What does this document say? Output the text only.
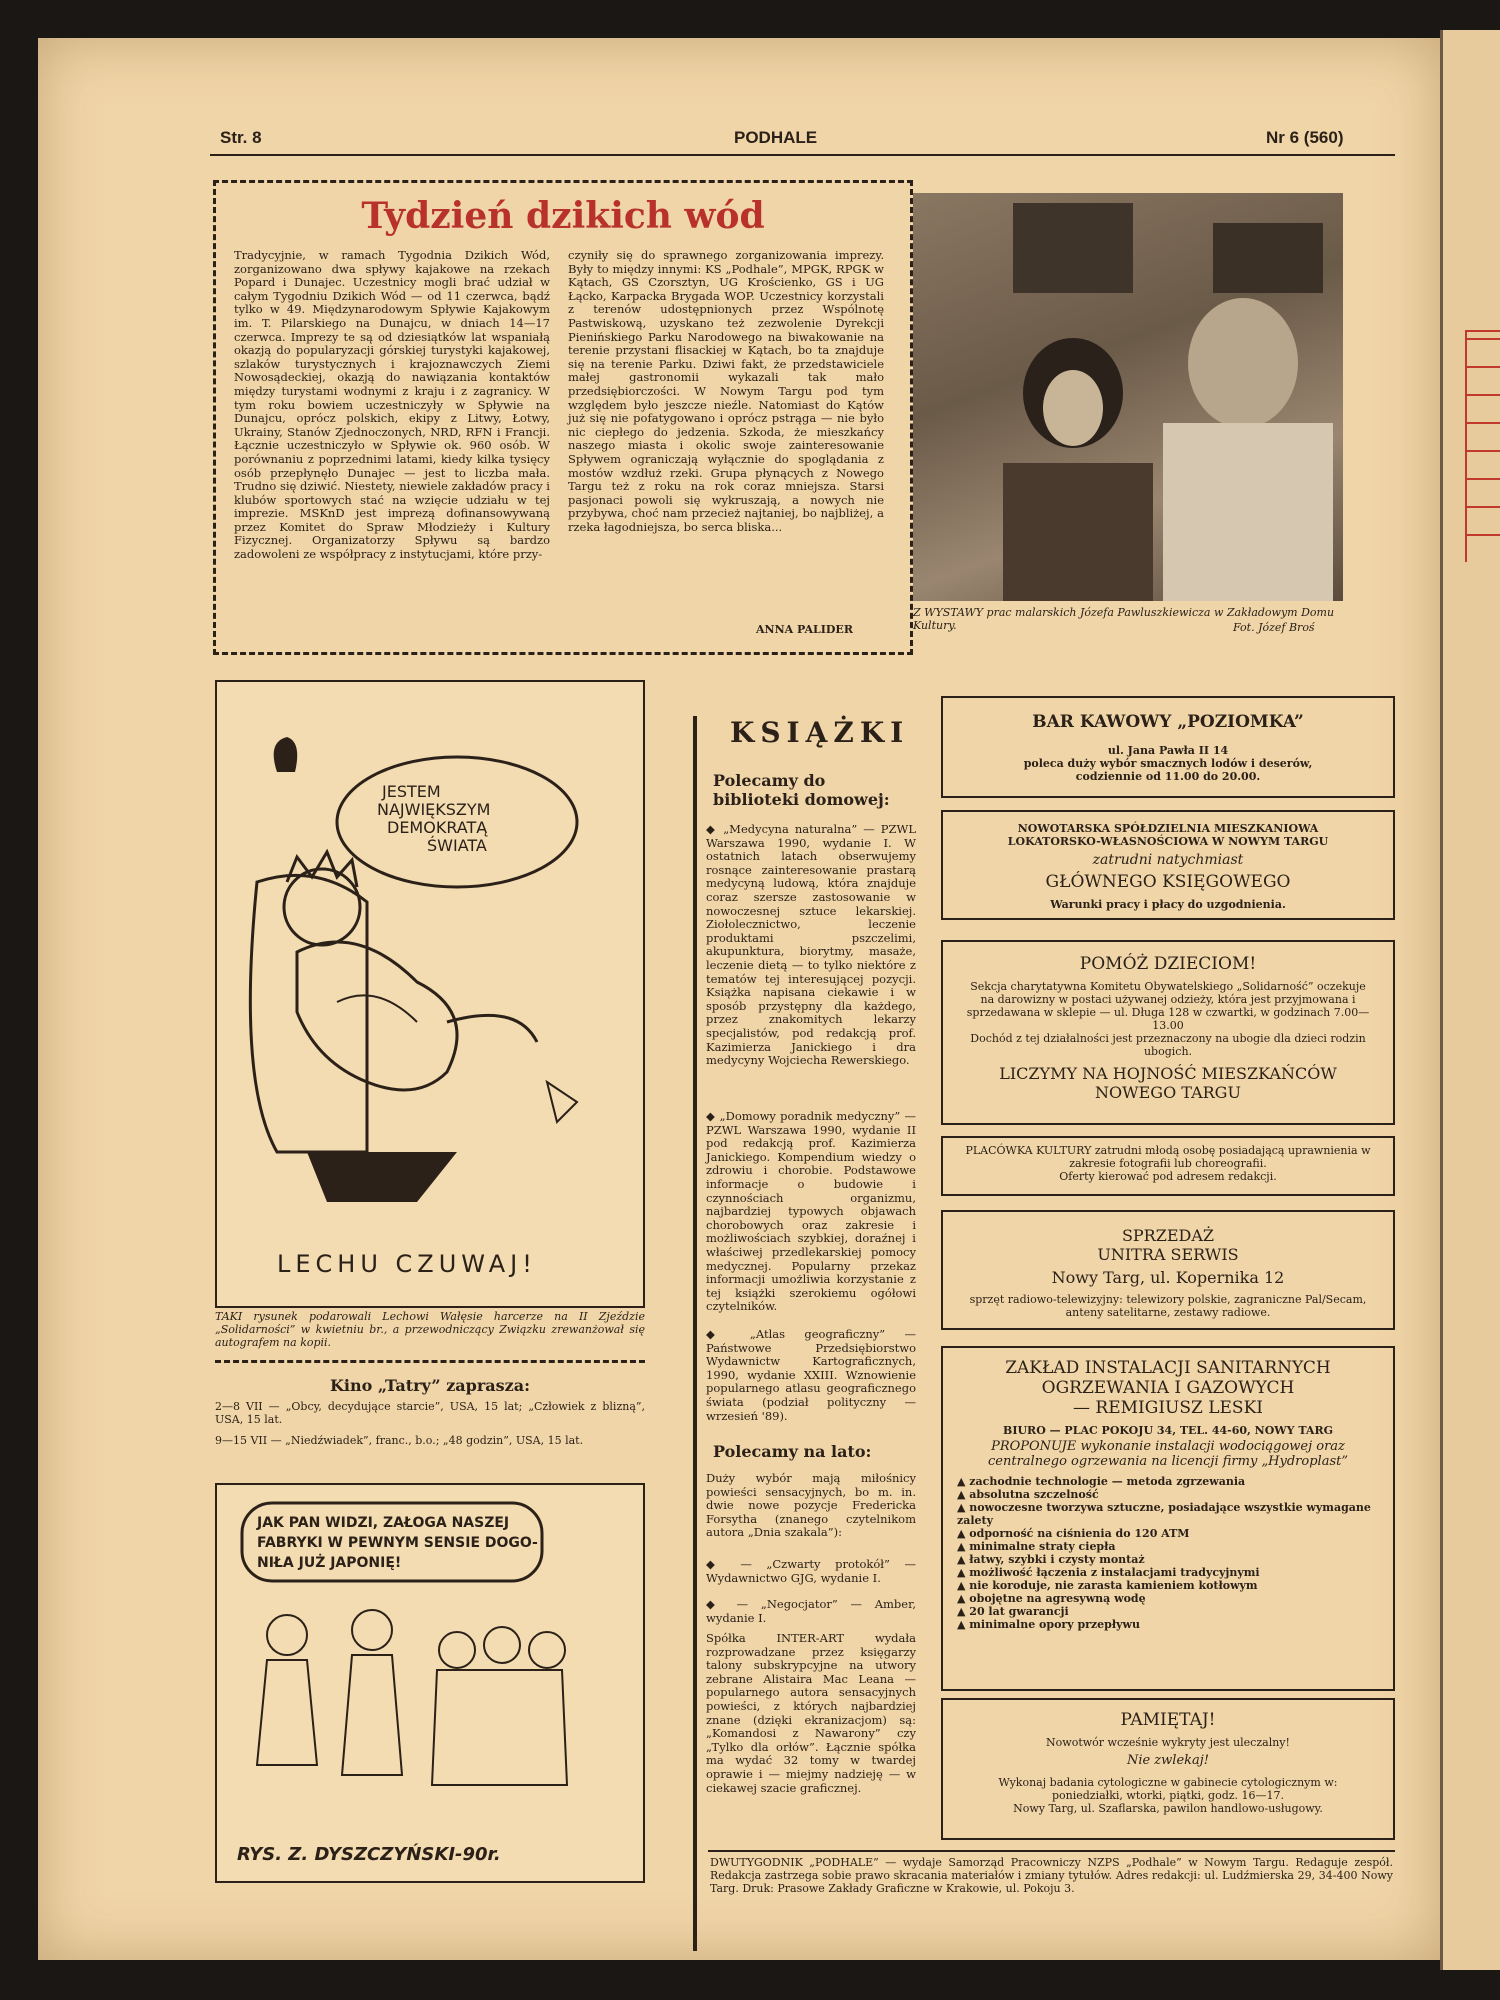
Str. 8	PODHALE	Nr 6 (560)
Tydzień dzikich wód
Tradycyjnie, w ramach Tygodnia Dzikich Wód, zorganizowano dwa spływy kajakowe na rzekach Popard i Dunajec. Uczestnicy mogli brać udział w całym Tygodniu Dzikich Wód — od 11 czerwca, bądź tylko w 49. Międzynarodowym Spływie Kajakowym im. T. Pilarskiego na Dunajcu, w dniach 14—17 czerwca. Imprezy te są od dziesiątków lat wspaniałą okazją do popularyzacji górskiej turystyki kajakowej, szlaków turystycznych i krajoznawczych Ziemi Nowosądeckiej, okazją do nawiązania kontaktów między turystami wodnymi z kraju i z zagranicy. W tym roku bowiem uczestniczyły w Spływie na Dunajcu, oprócz polskich, ekipy z Litwy, Łotwy, Ukrainy, Stanów Zjednoczonych, NRD, RFN i Francji. Łącznie uczestniczyło w Spływie ok. 960 osób. W porównaniu z poprzednimi latami, kiedy kilka tysięcy osób przepłynęło Dunajec — jest to liczba mała. Trudno się dziwić. Niestety, niewiele zakładów pracy i klubów sportowych stać na wzięcie udziału w tej imprezie. MSKnD jest imprezą dofinansowywaną przez Komitet do Spraw Młodzieży i Kultury Fizycznej. Organizatorzy Spływu są bardzo zadowoleni ze współpracy z instytucjami, które przy-
czyniły się do sprawnego zorganizowania imprezy. Były to między innymi: KS „Podhale”, MPGK, RPGK w Kątach, GS Czorsztyn, UG Krościenko, GS i UG Łącko, Karpacka Brygada WOP. Uczestnicy korzystali z terenów udostępnionych przez Wspólnotę Pastwiskową, uzyskano też zezwolenie Dyrekcji Pienińskiego Parku Narodowego na biwakowanie na terenie przystani flisackiej w Kątach, bo ta znajduje się na terenie Parku. Dziwi fakt, że przedstawiciele małej gastronomii wykazali tak mało przedsiębiorczości. W Nowym Targu pod tym względem było jeszcze nieźle. Natomiast do Kątów już się nie pofatygowano i oprócz pstrąga — nie było nic ciepłego do jedzenia. Szkoda, że mieszkańcy naszego miasta i okolic swoje zainteresowanie Spływem ograniczają wyłącznie do spoglądania z mostów wzdłuż rzeki. Grupa płynących z Nowego Targu też z roku na rok coraz mniejsza. Starsi pasjonaci powoli się wykruszają, a nowych nie przybywa, choć nam przecież najtaniej, bo najbliżej, a rzeka łagodniejsza, bo serca bliska...
ANNA PALIDER
Z WYSTAWY prac malarskich Józefa Pawluszkiewicza w Zakładowym Domu Kultury.	Fot. Józef Broś
JESTEM
NAJWIĘKSZYM
DEMOKRATĄ
ŚWIATA
LECHU CZUWAJ!
TAKI rysunek podarowali Lechowi Wałęsie harcerze na II Zjeździe „Solidarności” w kwietniu br., a przewodniczący Związku zrewanżował się autografem na kopii.
Kino „Tatry” zaprasza:
2—8 VII — „Obcy, decydujące starcie”, USA, 15 lat; „Człowiek z blizną”, USA, 15 lat.
9—15 VII — „Niedźwiadek”, franc., b.o.; „48 godzin”, USA, 15 lat.
JAK PAN WIDZI, ZAŁOGA NASZEJ
FABRYKI W PEWNYM SENSIE DOGO-
NIŁA JUŻ JAPONIĘ!
RYS. Z. DYSZCZYŃSKI-90r.
KSIĄŻKI
Polecamy do biblioteki domowej:
◆ „Medycyna naturalna” — PZWL Warszawa 1990, wydanie I. W ostatnich latach obserwujemy rosnące zainteresowanie prastarą medycyną ludową, która znajduje coraz szersze zastosowanie w nowoczesnej sztuce lekarskiej. Ziołolecznictwo, leczenie produktami pszczelimi, akupunktura, biorytmy, masaże, leczenie dietą — to tylko niektóre z tematów tej interesującej pozycji. Książka napisana ciekawie i w sposób przystępny dla każdego, przez znakomitych lekarzy specjalistów, pod redakcją prof. Kazimierza Janickiego i dra medycyny Wojciecha Rewerskiego.
◆ „Domowy poradnik medyczny” — PZWL Warszawa 1990, wydanie II pod redakcją prof. Kazimierza Janickiego. Kompendium wiedzy o zdrowiu i chorobie. Podstawowe informacje o budowie i czynnościach organizmu, najbardziej typowych objawach chorobowych oraz zakresie i możliwościach szybkiej, doraźnej i właściwej przedlekarskiej pomocy medycznej. Popularny przekaz informacji umożliwia korzystanie z tej książki szerokiemu ogółowi czytelników.
◆ „Atlas geograficzny” — Państwowe Przedsiębiorstwo Wydawnictw Kartograficznych, 1990, wydanie XXIII. Wznowienie popularnego atlasu geograficznego świata (podział polityczny — wrzesień '89).
Polecamy na lato:
Duży wybór mają miłośnicy powieści sensacyjnych, bo m. in. dwie nowe pozycje Fredericka Forsytha (znanego czytelnikom autora „Dnia szakala”):
◆ — „Czwarty protokół” — Wydawnictwo GJG, wydanie I.
◆ — „Negocjator” — Amber, wydanie I.
Spółka INTER-ART wydała rozprowadzane przez księgarzy talony subskrypcyjne na utwory zebrane Alistaira Mac Leana — popularnego autora sensacyjnych powieści, z których najbardziej znane (dzięki ekranizacjom) są: „Komandosi z Nawarony” czy „Tylko dla orłów”. Łącznie spółka ma wydać 32 tomy w twardej oprawie i — miejmy nadzieję — w ciekawej szacie graficznej.
BAR KAWOWY „POZIOMKA”
ul. Jana Pawła II 14
poleca duży wybór smacznych lodów i deserów,
codziennie od 11.00 do 20.00.
NOWOTARSKA SPÓŁDZIELNIA MIESZKANIOWA
LOKATORSKO-WŁASNOŚCIOWA W NOWYM TARGU
zatrudni natychmiast
GŁÓWNEGO KSIĘGOWEGO
Warunki pracy i płacy do uzgodnienia.
POMÓŻ DZIECIOM!
Sekcja charytatywna Komitetu Obywatelskiego „Solidarność” oczekuje na darowizny w postaci używanej odzieży, która jest przyjmowana i sprzedawana w sklepie — ul. Długa 128 w czwartki, w godzinach 7.00—13.00
Dochód z tej działalności jest przeznaczony na ubogie dla dzieci rodzin ubogich.
LICZYMY NA HOJNOŚĆ MIESZKAŃCÓW NOWEGO TARGU
PLACÓWKA KULTURY zatrudni młodą osobę posiadającą uprawnienia w zakresie fotografii lub choreografii.
Oferty kierować pod adresem redakcji.
SPRZEDAŻ
UNITRA SERWIS
Nowy Targ, ul. Kopernika 12
sprzęt radiowo-telewizyjny: telewizory polskie, zagraniczne Pal/Secam, anteny satelitarne, zestawy radiowe.
ZAKŁAD INSTALACJI SANITARNYCH
OGRZEWANIA I GAZOWYCH
— REMIGIUSZ LESKI
BIURO — PLAC POKOJU 34, TEL. 44-60, NOWY TARG
PROPONUJE wykonanie instalacji wodociągowej oraz centralnego ogrzewania na licencji firmy „Hydroplast”
▲ zachodnie technologie — metoda zgrzewania
▲ absolutna szczelność
▲ nowoczesne tworzywa sztuczne, posiadające wszystkie wymagane zalety
▲ odporność na ciśnienia do 120 ATM
▲ minimalne straty ciepła
▲ łatwy, szybki i czysty montaż
▲ możliwość łączenia z instalacjami tradycyjnymi
▲ nie koroduje, nie zarasta kamieniem kotłowym
▲ obojętne na agresywną wodę
▲ 20 lat gwarancji
▲ minimalne opory przepływu
PAMIĘTAJ!
Nowotwór wcześnie wykryty jest uleczalny!
Nie zwlekaj!
Wykonaj badania cytologiczne w gabinecie cytologicznym w: poniedziałki, wtorki, piątki, godz. 16—17.
Nowy Targ, ul. Szaflarska, pawilon handlowo-usługowy.
DWUTYGODNIK „PODHALE” — wydaje Samorząd Pracowniczy NZPS „Podhale” w Nowym Targu. Redaguje zespół. Redakcja zastrzega sobie prawo skracania materiałów i zmiany tytułów. Adres redakcji: ul. Ludźmierska 29, 34-400 Nowy Targ. Druk: Prasowe Zakłady Graficzne w Krakowie, ul. Pokoju 3.
